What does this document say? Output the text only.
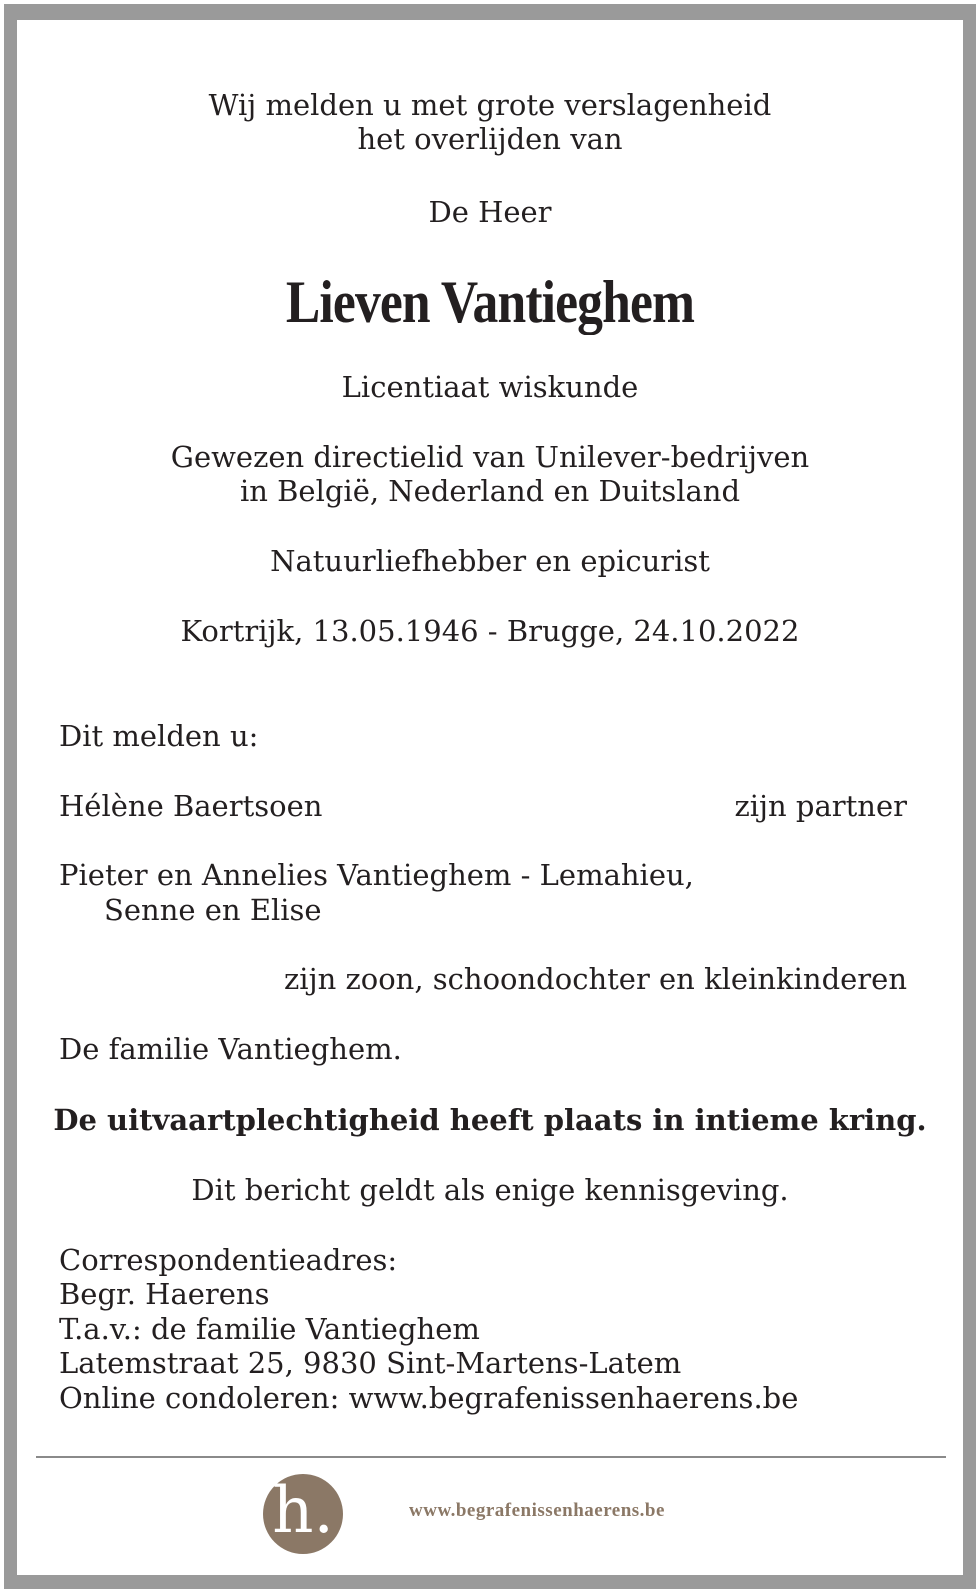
Wij melden u met grote verslagenheid
het overlijden van
De Heer
Lieven Vantieghem
Licentiaat wiskunde
Gewezen directielid van Unilever-bedrijven
in België, Nederland en Duitsland
Natuurliefhebber en epicurist
Kortrijk, 13.05.1946 - Brugge, 24.10.2022
Dit melden u:
Hélène Baertsoen	zijn partner
Pieter en Annelies Vantieghem - Lemahieu,
Senne en Elise
zijn zoon, schoondochter en kleinkinderen
De familie Vantieghem.
De uitvaartplechtigheid heeft plaats in intieme kring.
Dit bericht geldt als enige kennisgeving.
Correspondentieadres:
Begr. Haerens
T.a.v.: de familie Vantieghem
Latemstraat 25, 9830 Sint-Martens-Latem
Online condoleren: www.begrafenissenhaerens.be
h.	www.begrafenissenhaerens.be
